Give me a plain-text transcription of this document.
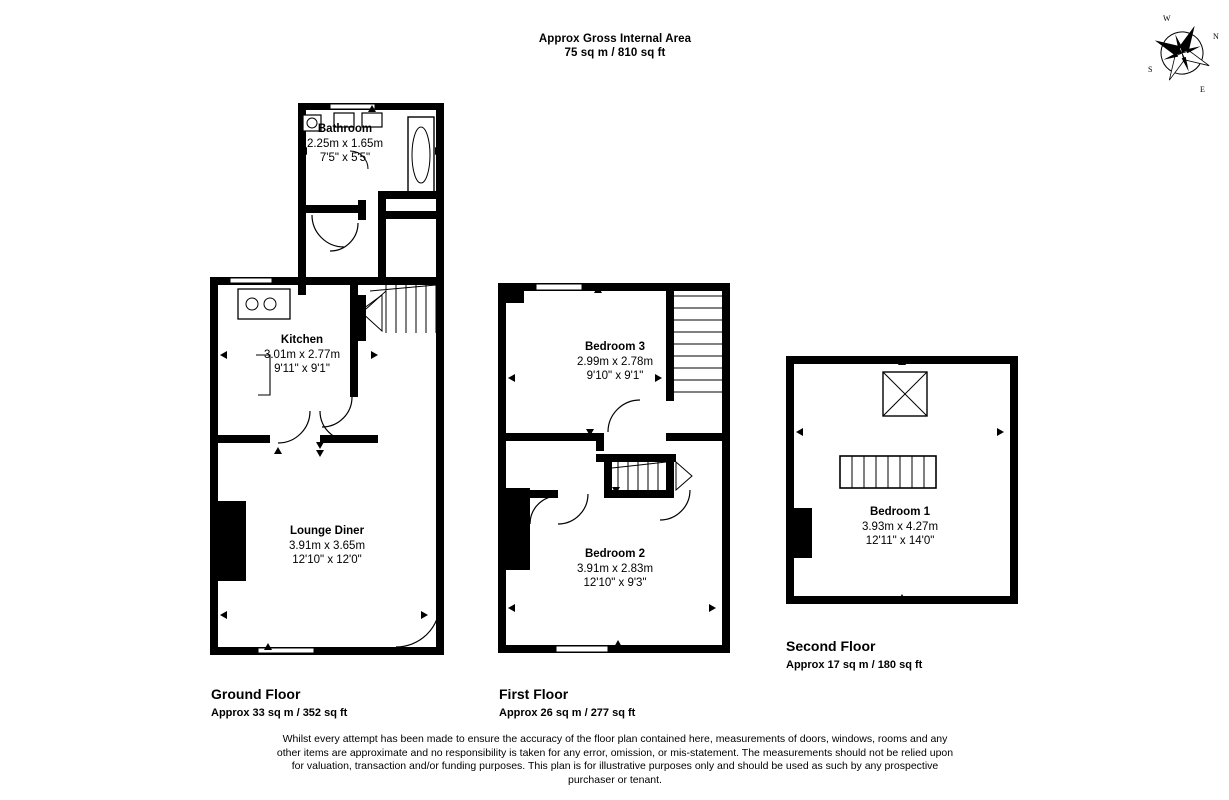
Approx Gross Internal Area
75 sq m / 810 sq ft
W
N
E
S
Bathroom
2.25m x 1.65m
7'5" x 5'5"
Kitchen
3.01m x 2.77m
9'11" x 9'1"
Lounge Diner
3.91m x 3.65m
12'10" x 12'0"
Bedroom 3
2.99m x 2.78m
9'10" x 9'1"
Bedroom 2
3.91m x 2.83m
12'10" x 9'3"
Bedroom 1
3.93m x 4.27m
12'11" x 14'0"
Ground Floor
Approx 33 sq m / 352 sq ft
First Floor
Approx 26 sq m / 277 sq ft
Second Floor
Approx 17 sq m / 180 sq ft
Whilst every attempt has been made to ensure the accuracy of the floor plan contained here, measurements of doors, windows, rooms and any other items are approximate and no responsibility is taken for any error, omission, or mis-statement. The measurements should not be relied upon for valuation, transaction and/or funding purposes. This plan is for illustrative purposes only and should be used as such by any prospective purchaser or tenant.
